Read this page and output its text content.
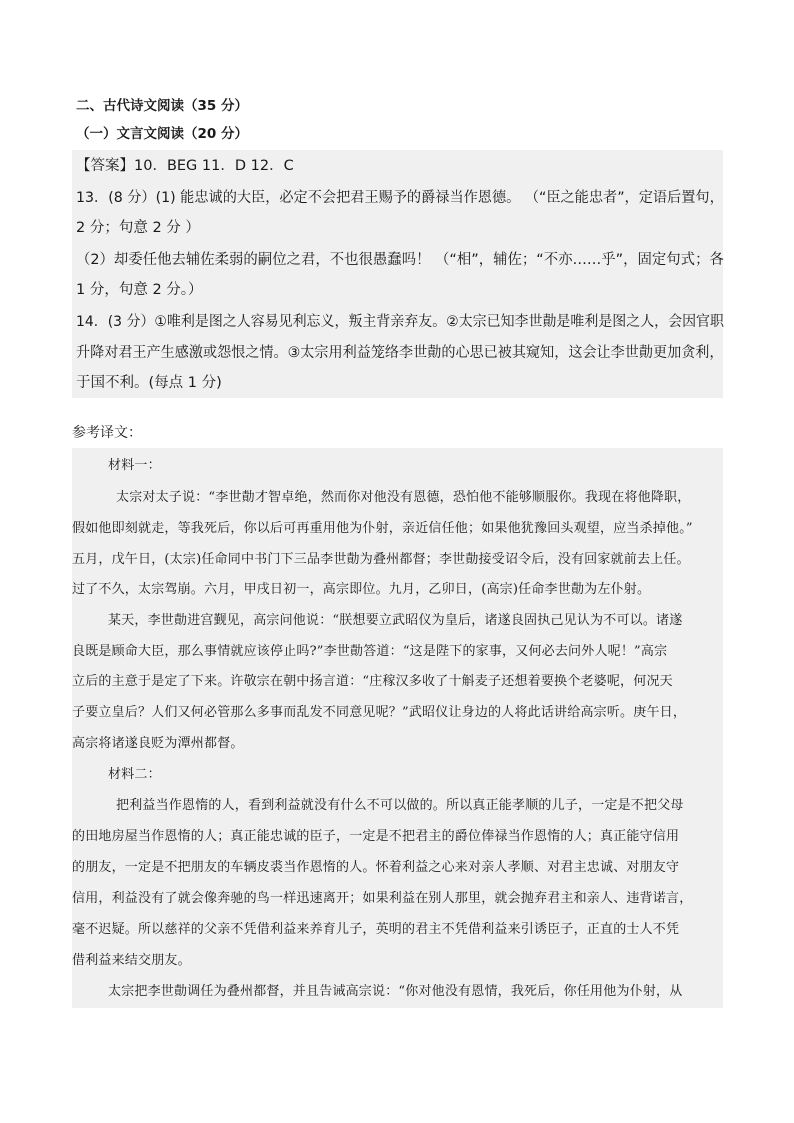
二、古代诗文阅读（35 分）
（一）文言文阅读（20 分）
【答案】10．BEG 11．D 12．C
13．(8 分）(1) 能忠诚的大臣，必定不会把君王赐予的爵禄当作恩德。 （“臣之能忠者”，定语后置句，
2 分；句意 2 分 ）
（2）却委任他去辅佐柔弱的嗣位之君，不也很愚蠢吗！ （“相”，辅佐；“不亦……乎”，固定句式；各
1 分，句意 2 分。）
14．(3 分）①唯利是图之人容易见利忘义，叛主背亲弃友。②太宗已知李世勣是唯利是图之人，会因官职
升降对君王产生感激或怨恨之情。③太宗用利益笼络李世勣的心思已被其窥知，这会让李世勣更加贪利，
于国不利。(每点 1 分)
参考译文：
材料一：
太宗对太子说：“李世勣才智卓绝，然而你对他没有恩德，恐怕他不能够顺服你。我现在将他降职，
假如他即刻就走，等我死后，你以后可再重用他为仆射，亲近信任他；如果他犹豫回头观望，应当杀掉他。”
五月，戊午日，(太宗)任命同中书门下三品李世勣为叠州都督；李世勣接受诏令后，没有回家就前去上任。
过了不久，太宗驾崩。六月，甲戌日初一，高宗即位。九月，乙卯日，(高宗)任命李世勣为左仆射。
某天，李世勣进宫觐见，高宗问他说：“朕想要立武昭仪为皇后，诸遂良固执己见认为不可以。诸遂
良既是顾命大臣，那么事情就应该停止吗?”李世勣答道：“这是陛下的家事，又何必去问外人呢！”高宗
立后的主意于是定了下来。许敬宗在朝中扬言道：“庄稼汉多收了十斛麦子还想着要换个老婆呢，何况天
子要立皇后？人们又何必管那么多事而乱发不同意见呢？”武昭仪让身边的人将此话讲给高宗听。庚午日，
高宗将诸遂良贬为潭州都督。
材料二：
把利益当作恩惰的人，看到利益就没有什么不可以做的。所以真正能孝顺的儿子，一定是不把父母
的田地房屋当作恩惰的人；真正能忠诚的臣子，一定是不把君主的爵位俸禄当作恩惰的人；真正能守信用
的朋友，一定是不把朋友的车辆皮裘当作恩惰的人。怀着利益之心来对亲人孝顺、对君主忠诚、对朋友守
信用，利益没有了就会像奔驰的鸟一样迅速离开；如果利益在别人那里，就会抛弃君主和亲人、违背诺言，
毫不迟疑。所以慈祥的父亲不凭借利益来养育儿子，英明的君主不凭借利益来引诱臣子，正直的士人不凭
借利益来结交朋友。
太宗把李世勣调任为叠州都督，并且告诫高宗说：“你对他没有恩情，我死后，你任用他为仆射，从
